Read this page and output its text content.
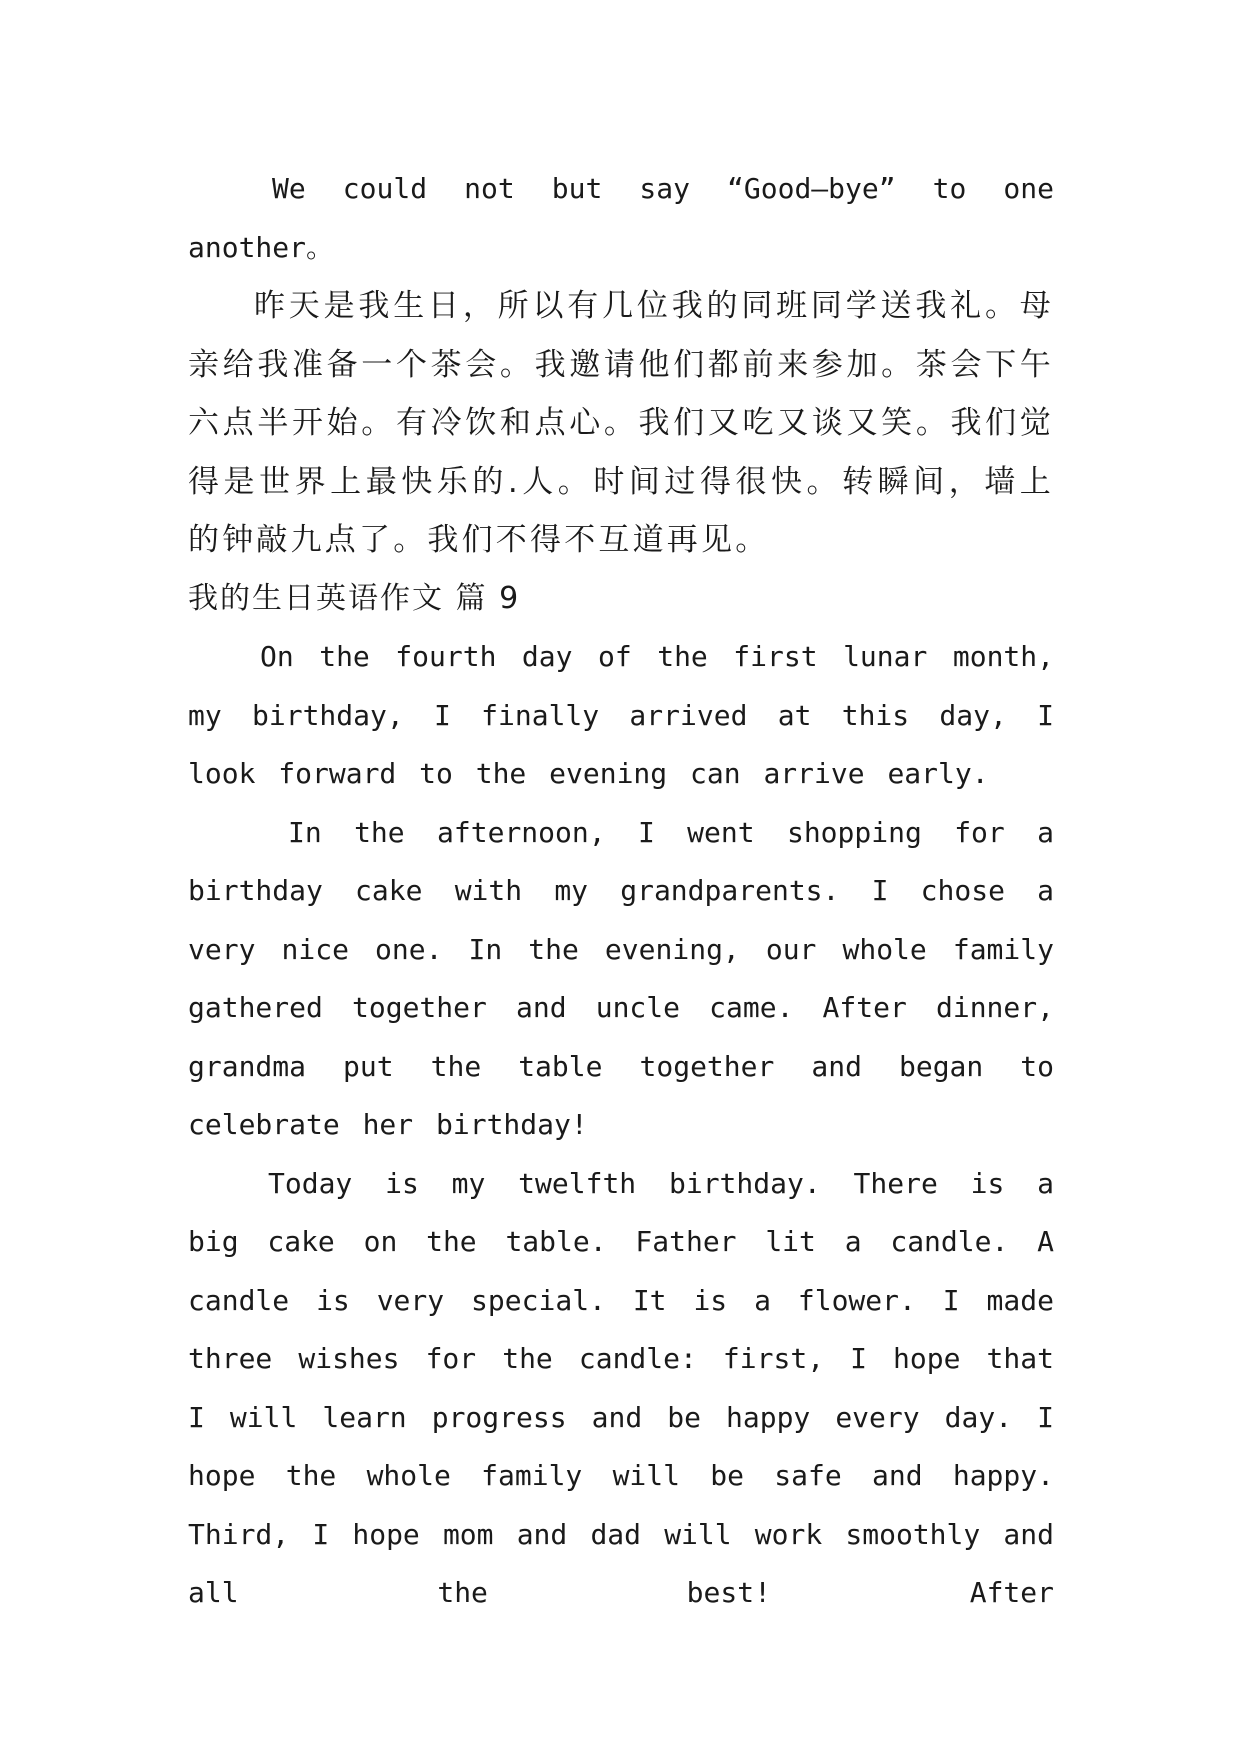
We could not but say “Good—bye” to one another。

昨天是我生日，所以有几位我的同班同学送我礼。母亲给我准备一个茶会。我邀请他们都前来参加。茶会下午六点半开始。有冷饮和点心。我们又吃又谈又笑。我们觉得是世界上最快乐的.人。时间过得很快。转瞬间，墙上的钟敲九点了。我们不得不互道再见。

我的生日英语作文 篇 9

On the fourth day of the first lunar month, my birthday, I finally arrived at this day, I look forward to the evening can arrive early.

In the afternoon, I went shopping for a birthday cake with my grandparents. I chose a very nice one. In the evening, our whole family gathered together and uncle came. After dinner, grandma put the table together and began to celebrate her birthday!

Today is my twelfth birthday. There is a big cake on the table. Father lit a candle. A candle is very special. It is a flower. I made three wishes for the candle: first, I hope that I will learn progress and be happy every day. I hope the whole family will be safe and happy. Third, I hope mom and dad will work smoothly and all the best! After
